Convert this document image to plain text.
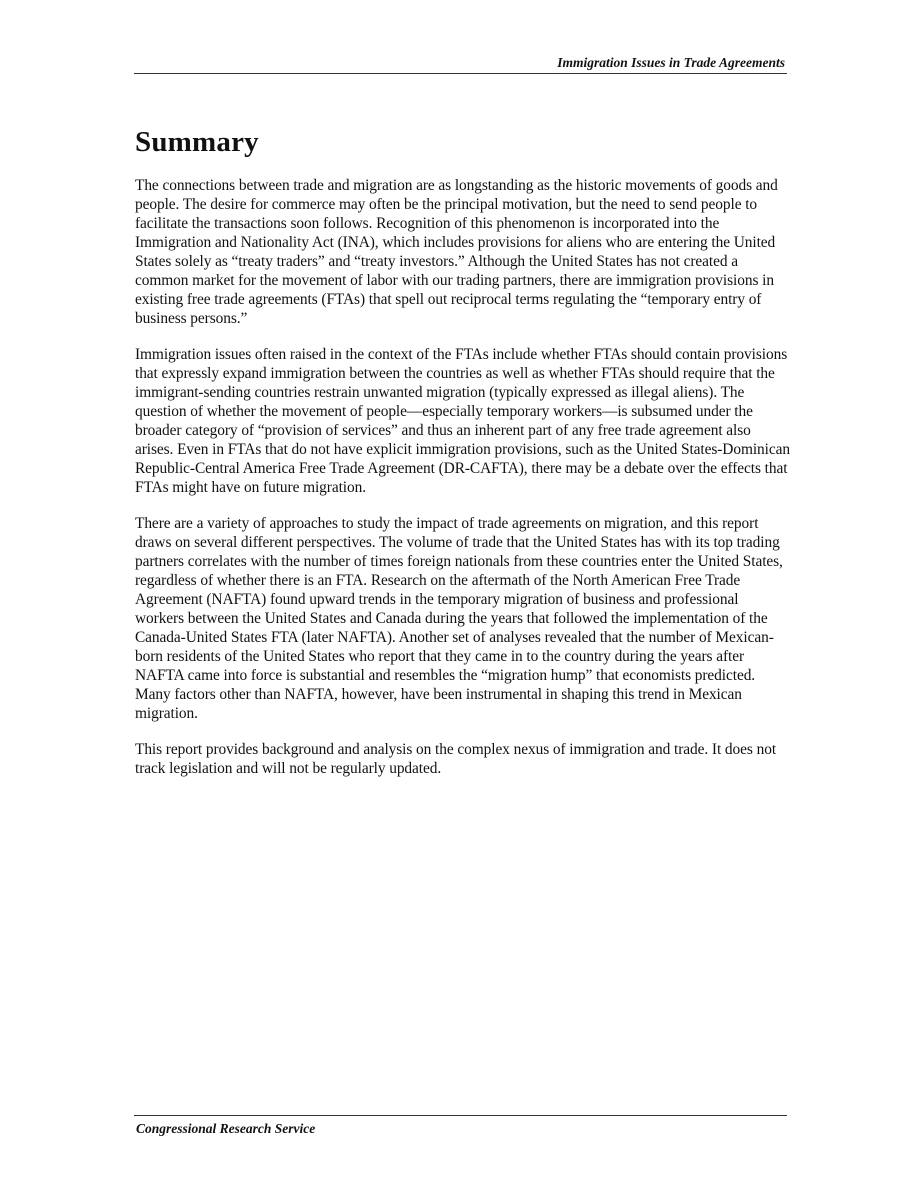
Immigration Issues in Trade Agreements
Summary

The connections between trade and migration are as longstanding as the historic movements of goods and people. The desire for commerce may often be the principal motivation, but the need to send people to facilitate the transactions soon follows. Recognition of this phenomenon is incorporated into the Immigration and Nationality Act (INA), which includes provisions for aliens who are entering the United States solely as “treaty traders” and “treaty investors.” Although the United States has not created a common market for the movement of labor with our trading partners, there are immigration provisions in existing free trade agreements (FTAs) that spell out reciprocal terms regulating the “temporary entry of business persons.”

Immigration issues often raised in the context of the FTAs include whether FTAs should contain provisions that expressly expand immigration between the countries as well as whether FTAs should require that the immigrant-sending countries restrain unwanted migration (typically expressed as illegal aliens). The question of whether the movement of people—especially temporary workers—is subsumed under the broader category of “provision of services” and thus an inherent part of any free trade agreement also arises. Even in FTAs that do not have explicit immigration provisions, such as the United States-Dominican Republic-Central America Free Trade Agreement (DR-CAFTA), there may be a debate over the effects that FTAs might have on future migration.

There are a variety of approaches to study the impact of trade agreements on migration, and this report draws on several different perspectives. The volume of trade that the United States has with its top trading partners correlates with the number of times foreign nationals from these countries enter the United States, regardless of whether there is an FTA. Research on the aftermath of the North American Free Trade Agreement (NAFTA) found upward trends in the temporary migration of business and professional workers between the United States and Canada during the years that followed the implementation of the Canada-United States FTA (later NAFTA). Another set of analyses revealed that the number of Mexican-born residents of the United States who report that they came in to the country during the years after NAFTA came into force is substantial and resembles the “migration hump” that economists predicted. Many factors other than NAFTA, however, have been instrumental in shaping this trend in Mexican migration.

This report provides background and analysis on the complex nexus of immigration and trade. It does not track legislation and will not be regularly updated.

Congressional Research Service
